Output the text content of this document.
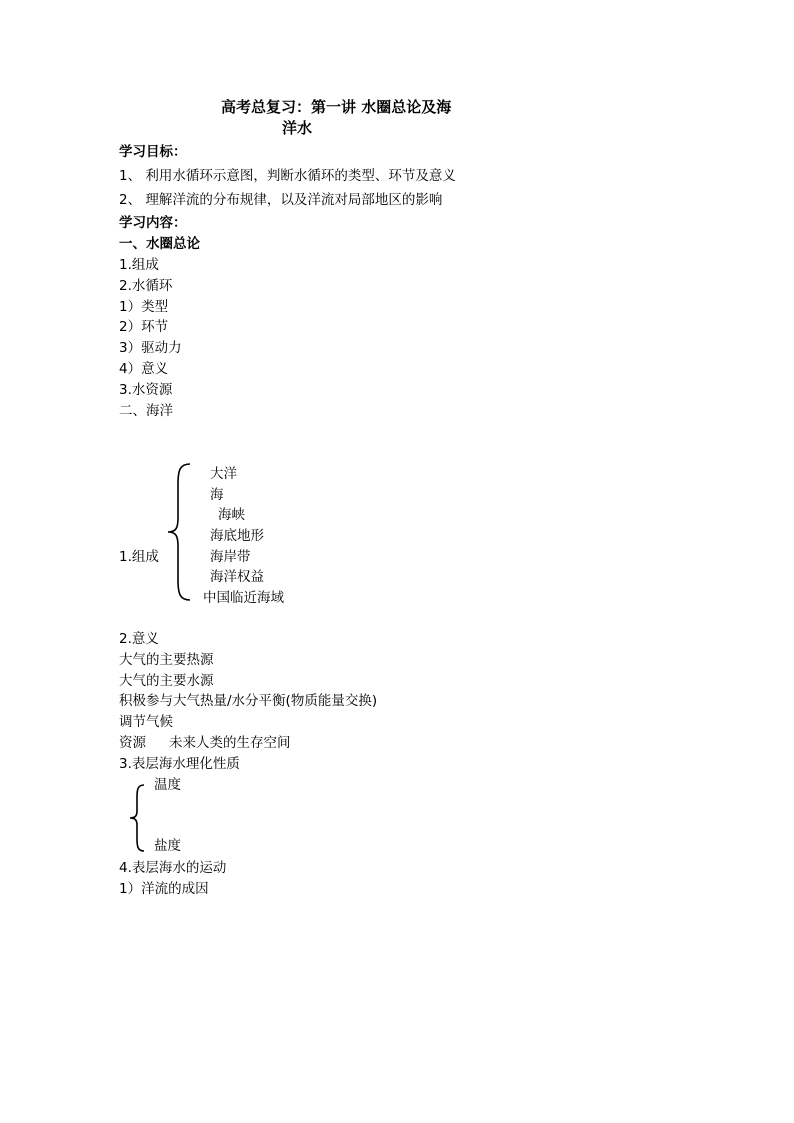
高考总复习：第一讲 水圈总论及海
洋水
学习目标：
1、 利用水循环示意图，判断水循环的类型、环节及意义
2、 理解洋流的分布规律，以及洋流对局部地区的影响
学习内容：
一、水圈总论
1.组成
2.水循环
1）类型
2）环节
3）驱动力
4）意义
3.水资源
二、海洋
1.组成
大洋
海
海峡
海底地形
海岸带
海洋权益
中国临近海域
2.意义
大气的主要热源
大气的主要水源
积极参与大气热量/水分平衡(物质能量交换)
调节气候
资源 未来人类的生存空间
3.表层海水理化性质
温度
盐度
4.表层海水的运动
1）洋流的成因
